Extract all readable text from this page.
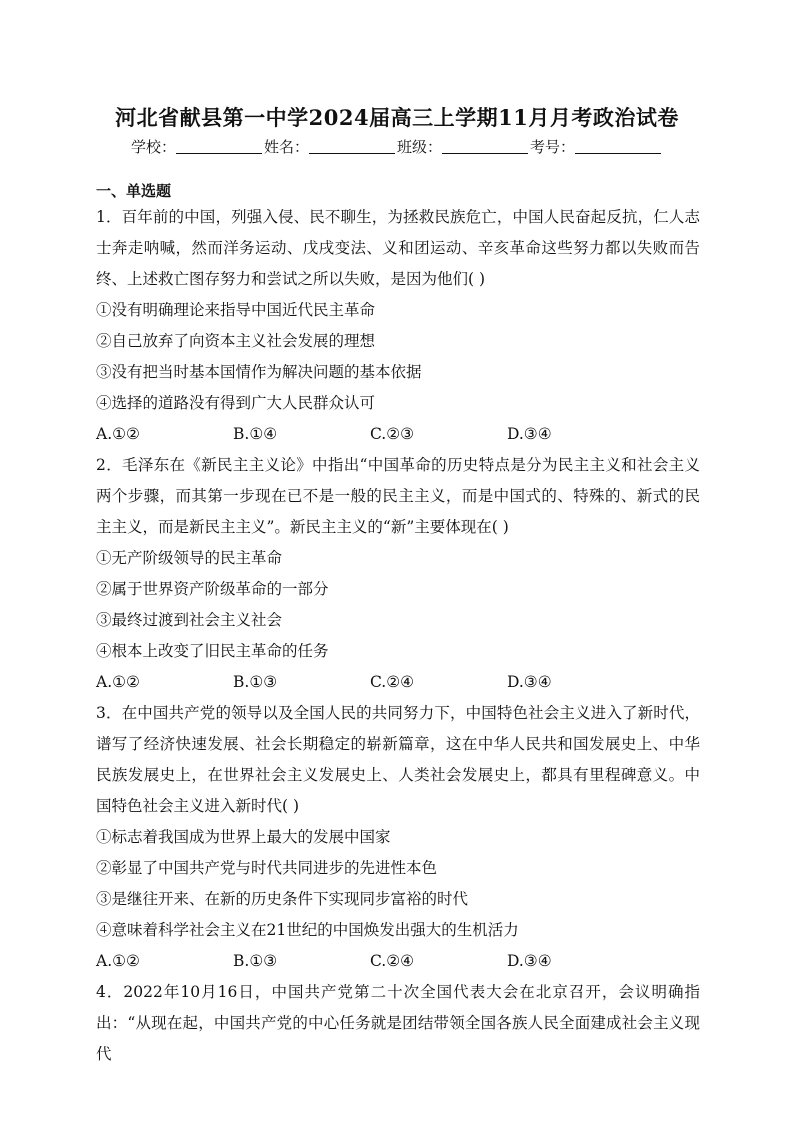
河北省献县第一中学2024届高三上学期11月月考政治试卷
学校：	姓名：	班级：	考号：
一、单选题
1．百年前的中国，列强入侵、民不聊生，为拯救民族危亡，中国人民奋起反抗，仁人志士奔走呐喊，然而洋务运动、戊戌变法、义和团运动、辛亥革命这些努力都以失败而告终、上述救亡图存努力和尝试之所以失败，是因为他们( )
①没有明确理论来指导中国近代民主革命
②自己放弃了向资本主义社会发展的理想
③没有把当时基本国情作为解决问题的基本依据
④选择的道路没有得到广大人民群众认可
A.①②	B.①④	C.②③	D.③④
2．毛泽东在《新民主主义论》中指出“中国革命的历史特点是分为民主主义和社会主义两个步骤，而其第一步现在已不是一般的民主主义，而是中国式的、特殊的、新式的民主主义，而是新民主主义”。新民主主义的“新”主要体现在( )
①无产阶级领导的民主革命
②属于世界资产阶级革命的一部分
③最终过渡到社会主义社会
④根本上改变了旧民主革命的任务
A.①②	B.①③	C.②④	D.③④
3．在中国共产党的领导以及全国人民的共同努力下，中国特色社会主义进入了新时代，谱写了经济快速发展、社会长期稳定的崭新篇章，这在中华人民共和国发展史上、中华民族发展史上，在世界社会主义发展史上、人类社会发展史上，都具有里程碑意义。中国特色社会主义进入新时代( )
①标志着我国成为世界上最大的发展中国家
②彰显了中国共产党与时代共同进步的先进性本色
③是继往开来、在新的历史条件下实现同步富裕的时代
④意味着科学社会主义在21世纪的中国焕发出强大的生机活力
A.①②	B.①③	C.②④	D.③④
4．2022年10月16日，中国共产党第二十次全国代表大会在北京召开，会议明确指出：“从现在起，中国共产党的中心任务就是团结带领全国各族人民全面建成社会主义现代
